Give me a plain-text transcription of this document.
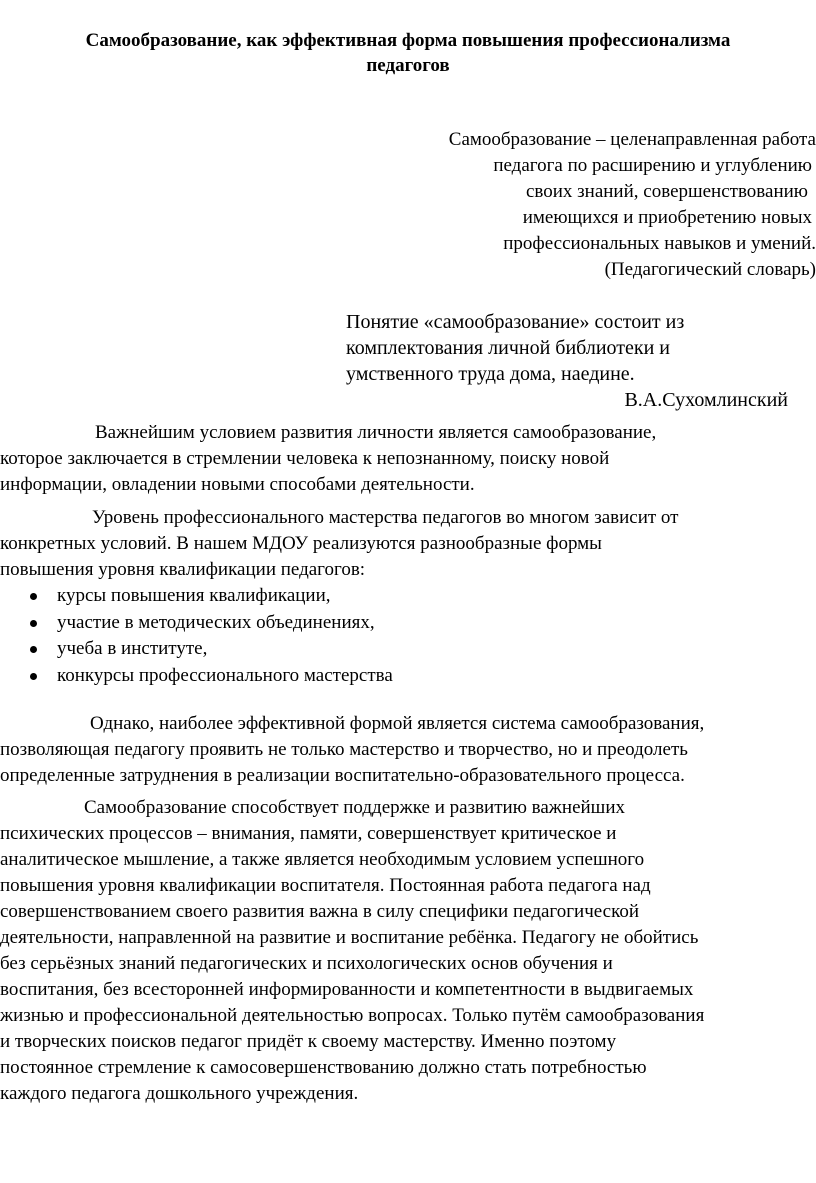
Самообразование, как эффективная форма повышения профессионализма
педагогов
Самообразование – целенаправленная работа
педагога по расширению и углублению
своих знаний, совершенствованию
имеющихся и приобретению новых
профессиональных навыков и умений.
(Педагогический словарь)
Понятие «самообразование» состоит из
комплектования личной библиотеки и
умственного труда дома, наедине.
В.А.Сухомлинский
Важнейшим условием развития личности является самообразование,
которое заключается в стремлении человека к непознанному, поиску новой
информации, овладении новыми способами деятельности.
Уровень профессионального мастерства педагогов во многом зависит от
конкретных условий. В нашем МДОУ реализуются разнообразные формы
повышения уровня квалификации педагогов:
курсы повышения квалификации,
участие в методических объединениях,
учеба в институте,
конкурсы профессионального мастерства
Однако, наиболее эффективной формой является система самообразования,
позволяющая педагогу проявить не только мастерство и творчество, но и преодолеть
определенные затруднения в реализации воспитательно-образовательного процесса.
Самообразование способствует поддержке и развитию важнейших
психических процессов – внимания, памяти, совершенствует критическое и
аналитическое мышление, а также является необходимым условием успешного
повышения уровня квалификации воспитателя. Постоянная работа педагога над
совершенствованием своего развития важна в силу специфики педагогической
деятельности, направленной на развитие и воспитание ребёнка. Педагогу не обойтись
без серьёзных знаний педагогических и психологических основ обучения и
воспитания, без всесторонней информированности и компетентности в выдвигаемых
жизнью и профессиональной деятельностью вопросах. Только путём самообразования
и творческих поисков педагог придёт к своему мастерству. Именно поэтому
постоянное стремление к самосовершенствованию должно стать потребностью
каждого педагога дошкольного учреждения.
